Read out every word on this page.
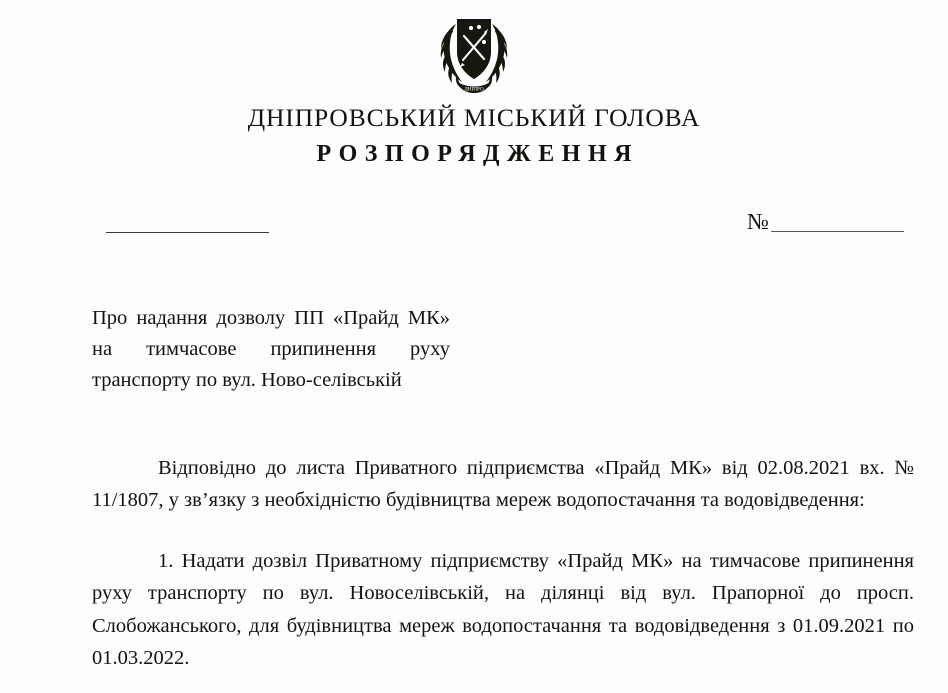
ДНІПРО
ДНІПРОВСЬКИЙ МІСЬКИЙ ГОЛОВА
РОЗПОРЯДЖЕННЯ
№
Про надання дозволу ПП «Прайд МК» на тимчасове припинення руху транспорту по вул. Ново-селівській

Відповідно до листа Приватного підприємства «Прайд МК» від 02.08.2021 вх. № 11/1807, у зв’язку з необхідністю будівництва мереж водопостачання та водовідведення:

1. Надати дозвіл Приватному підприємству «Прайд МК» на тимчасове припинення руху транспорту по вул. Новоселівській, на ділянці від вул. Прапорної до просп. Слобожанського, для будівництва мереж водопостачання та водовідведення з 01.09.2021 по 01.03.2022.
